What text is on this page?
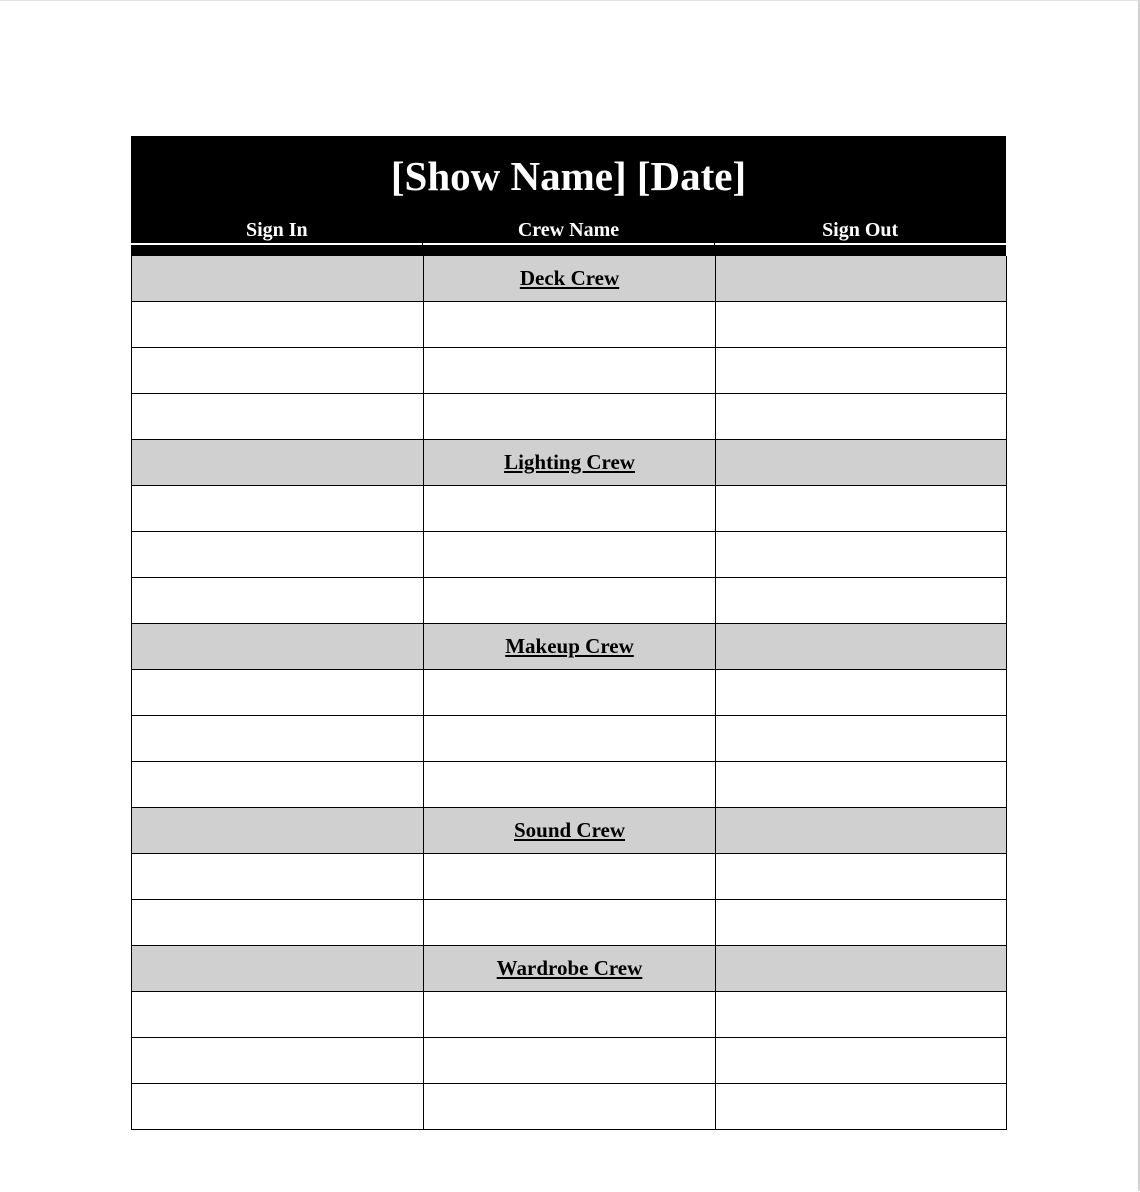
[Show Name] [Date]
Sign In	Crew Name	Sign Out
	Deck Crew	

	Lighting Crew	

	Makeup Crew	

	Sound Crew	

	Wardrobe Crew	
